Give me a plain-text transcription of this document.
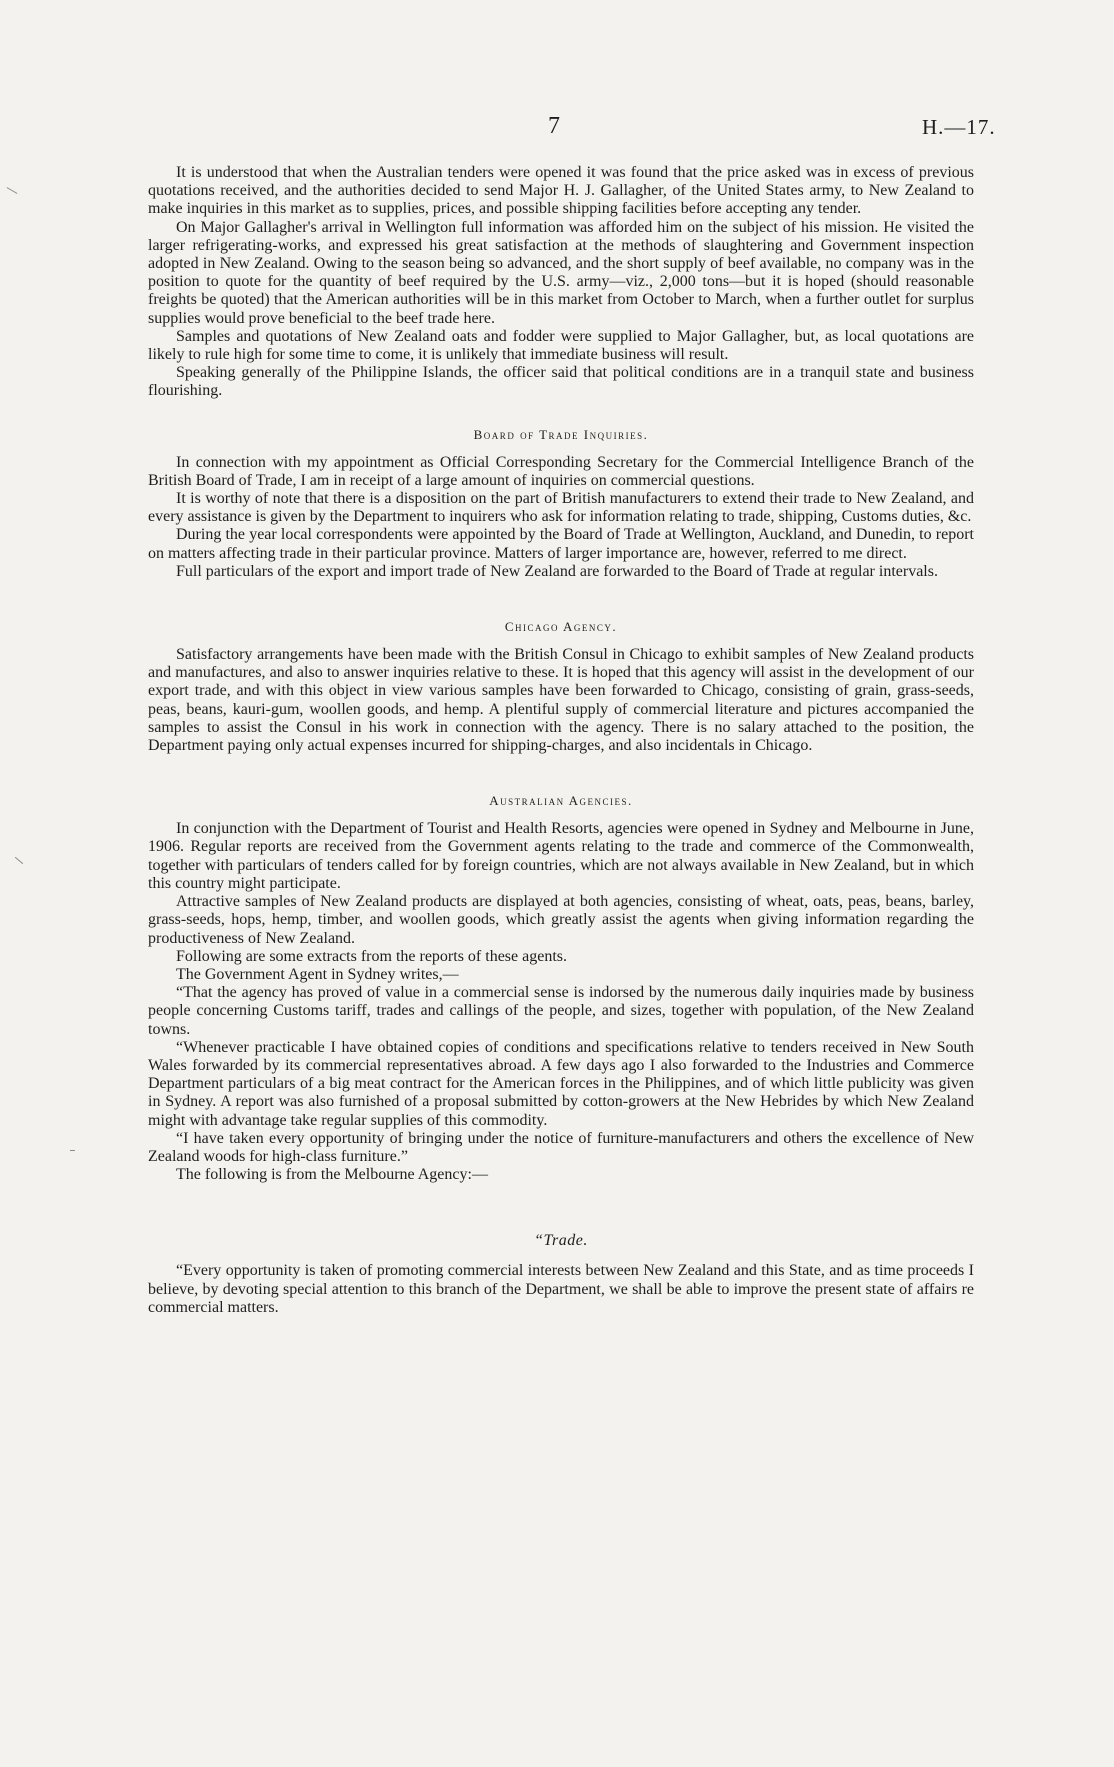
7	H.—17.

It is understood that when the Australian tenders were opened it was found that the price asked was in excess of previous quotations received, and the authorities decided to send Major H. J. Gallagher, of the United States army, to New Zealand to make inquiries in this market as to supplies, prices, and possible shipping facilities before accepting any tender.

On Major Gallagher's arrival in Wellington full information was afforded him on the subject of his mission. He visited the larger refrigerating-works, and expressed his great satisfaction at the methods of slaughtering and Government inspection adopted in New Zealand. Owing to the season being so advanced, and the short supply of beef available, no company was in the position to quote for the quantity of beef required by the U.S. army—viz., 2,000 tons—but it is hoped (should reasonable freights be quoted) that the American authorities will be in this market from October to March, when a further outlet for surplus supplies would prove beneficial to the beef trade here.

Samples and quotations of New Zealand oats and fodder were supplied to Major Gallagher, but, as local quotations are likely to rule high for some time to come, it is unlikely that immediate business will result.

Speaking generally of the Philippine Islands, the officer said that political conditions are in a tranquil state and business flourishing.

Board of Trade Inquiries.

In connection with my appointment as Official Corresponding Secretary for the Commercial Intelligence Branch of the British Board of Trade, I am in receipt of a large amount of inquiries on commercial questions.

It is worthy of note that there is a disposition on the part of British manufacturers to extend their trade to New Zealand, and every assistance is given by the Department to inquirers who ask for information relating to trade, shipping, Customs duties, &c.

During the year local correspondents were appointed by the Board of Trade at Wellington, Auckland, and Dunedin, to report on matters affecting trade in their particular province. Matters of larger importance are, however, referred to me direct.

Full particulars of the export and import trade of New Zealand are forwarded to the Board of Trade at regular intervals.

Chicago Agency.

Satisfactory arrangements have been made with the British Consul in Chicago to exhibit samples of New Zealand products and manufactures, and also to answer inquiries relative to these. It is hoped that this agency will assist in the development of our export trade, and with this object in view various samples have been forwarded to Chicago, consisting of grain, grass-seeds, peas, beans, kauri-gum, woollen goods, and hemp. A plentiful supply of commercial literature and pictures accompanied the samples to assist the Consul in his work in connection with the agency. There is no salary attached to the position, the Department paying only actual expenses incurred for shipping-charges, and also incidentals in Chicago.

Australian Agencies.

In conjunction with the Department of Tourist and Health Resorts, agencies were opened in Sydney and Melbourne in June, 1906. Regular reports are received from the Government agents relating to the trade and commerce of the Commonwealth, together with particulars of tenders called for by foreign countries, which are not always available in New Zealand, but in which this country might participate.

Attractive samples of New Zealand products are displayed at both agencies, consisting of wheat, oats, peas, beans, barley, grass-seeds, hops, hemp, timber, and woollen goods, which greatly assist the agents when giving information regarding the productiveness of New Zealand.

Following are some extracts from the reports of these agents.

The Government Agent in Sydney writes,—

“That the agency has proved of value in a commercial sense is indorsed by the numerous daily inquiries made by business people concerning Customs tariff, trades and callings of the people, and sizes, together with population, of the New Zealand towns.

“Whenever practicable I have obtained copies of conditions and specifications relative to tenders received in New South Wales forwarded by its commercial representatives abroad. A few days ago I also forwarded to the Industries and Commerce Department particulars of a big meat contract for the American forces in the Philippines, and of which little publicity was given in Sydney. A report was also furnished of a proposal submitted by cotton-growers at the New Hebrides by which New Zealand might with advantage take regular supplies of this commodity.

“I have taken every opportunity of bringing under the notice of furniture-manufacturers and others the excellence of New Zealand woods for high-class furniture.”

The following is from the Melbourne Agency:—

“Trade.

“Every opportunity is taken of promoting commercial interests between New Zealand and this State, and as time proceeds I believe, by devoting special attention to this branch of the Department, we shall be able to improve the present state of affairs re commercial matters.
